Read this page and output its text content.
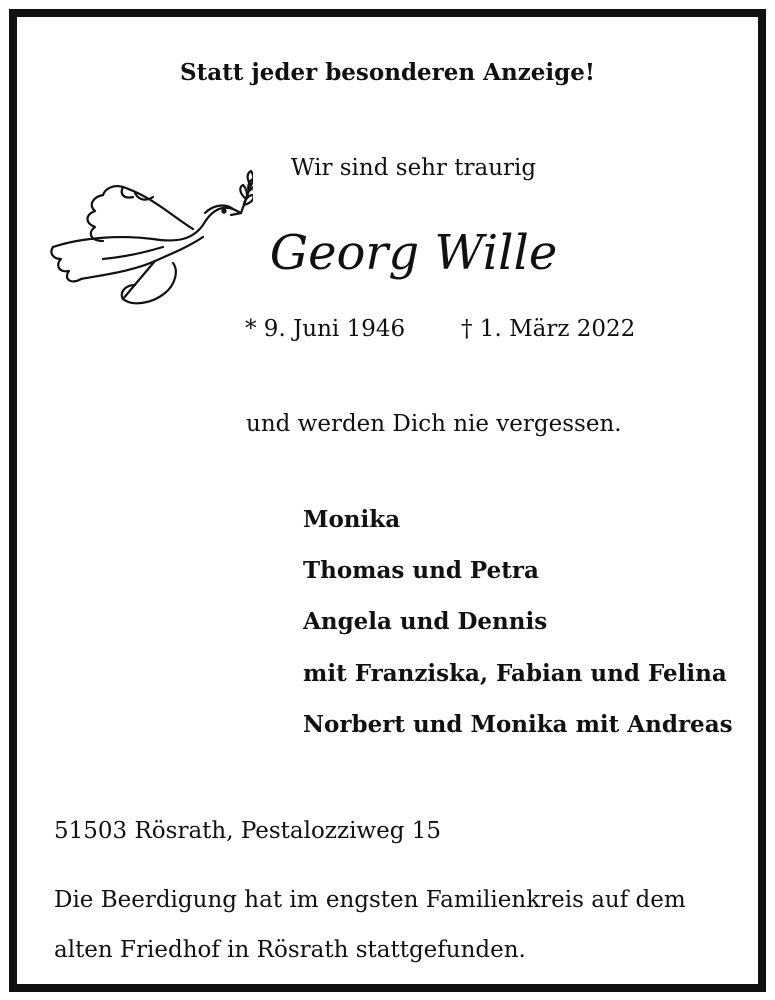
Statt jeder besonderen Anzeige!
Wir sind sehr traurig
Georg Wille
* 9. Juni 1946 † 1. März 2022
und werden Dich nie vergessen.
Monika
Thomas und Petra
Angela und Dennis
mit Franziska, Fabian und Felina
Norbert und Monika mit Andreas
51503 Rösrath, Pestalozziweg 15
Die Beerdigung hat im engsten Familienkreis auf dem alten Friedhof in Rösrath stattgefunden.
